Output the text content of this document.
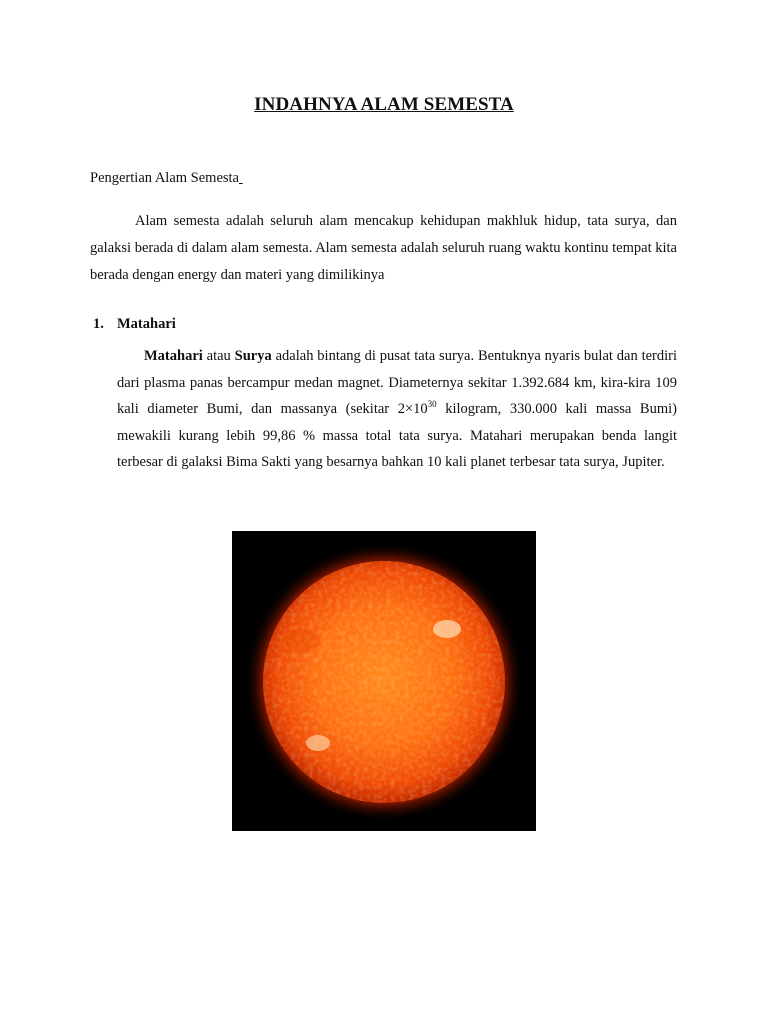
INDAHNYA ALAM SEMESTA
Pengertian Alam Semesta

Alam semesta adalah seluruh alam mencakup kehidupan makhluk hidup, tata surya, dan galaksi berada di dalam alam semesta. Alam semesta adalah seluruh ruang waktu kontinu tempat kita berada dengan energy dan materi yang dimilikinya

1. Matahari

Matahari atau Surya adalah bintang di pusat tata surya. Bentuknya nyaris bulat dan terdiri dari plasma panas bercampur medan magnet. Diameternya sekitar 1.392.684 km, kira-kira 109 kali diameter Bumi, dan massanya (sekitar $2\times 10^{30}$ kilogram, 330.000 kali massa Bumi) mewakili kurang lebih 99,86 % massa total tata surya. Matahari merupakan benda langit terbesar di galaksi Bima Sakti yang besarnya bahkan 10 kali planet terbesar tata surya, Jupiter.
